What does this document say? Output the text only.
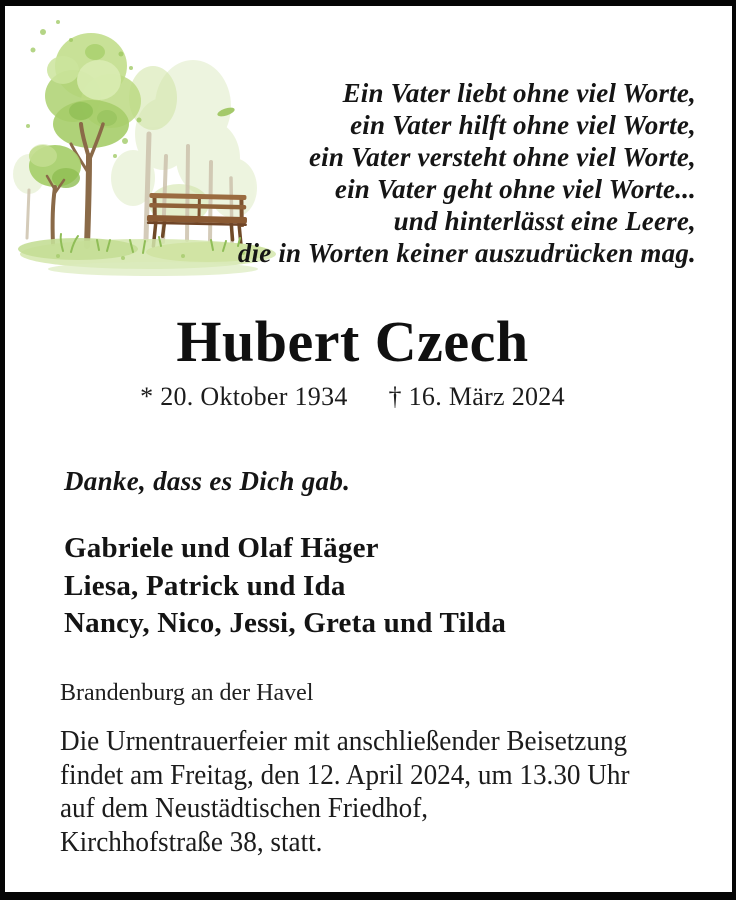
Ein Vater liebt ohne viel Worte,
ein Vater hilft ohne viel Worte,
ein Vater versteht ohne viel Worte,
ein Vater geht ohne viel Worte...
und hinterlässt eine Leere,
die in Worten keiner auszudrücken mag.
Hubert Czech
* 20. Oktober 1934 † 16. März 2024
Danke, dass es Dich gab.
Gabriele und Olaf Häger
Liesa, Patrick und Ida
Nancy, Nico, Jessi, Greta und Tilda
Brandenburg an der Havel
Die Urnentrauerfeier mit anschließender Beisetzung
findet am Freitag, den 12. April 2024, um 13.30 Uhr
auf dem Neustädtischen Friedhof,
Kirchhofstraße 38, statt.
